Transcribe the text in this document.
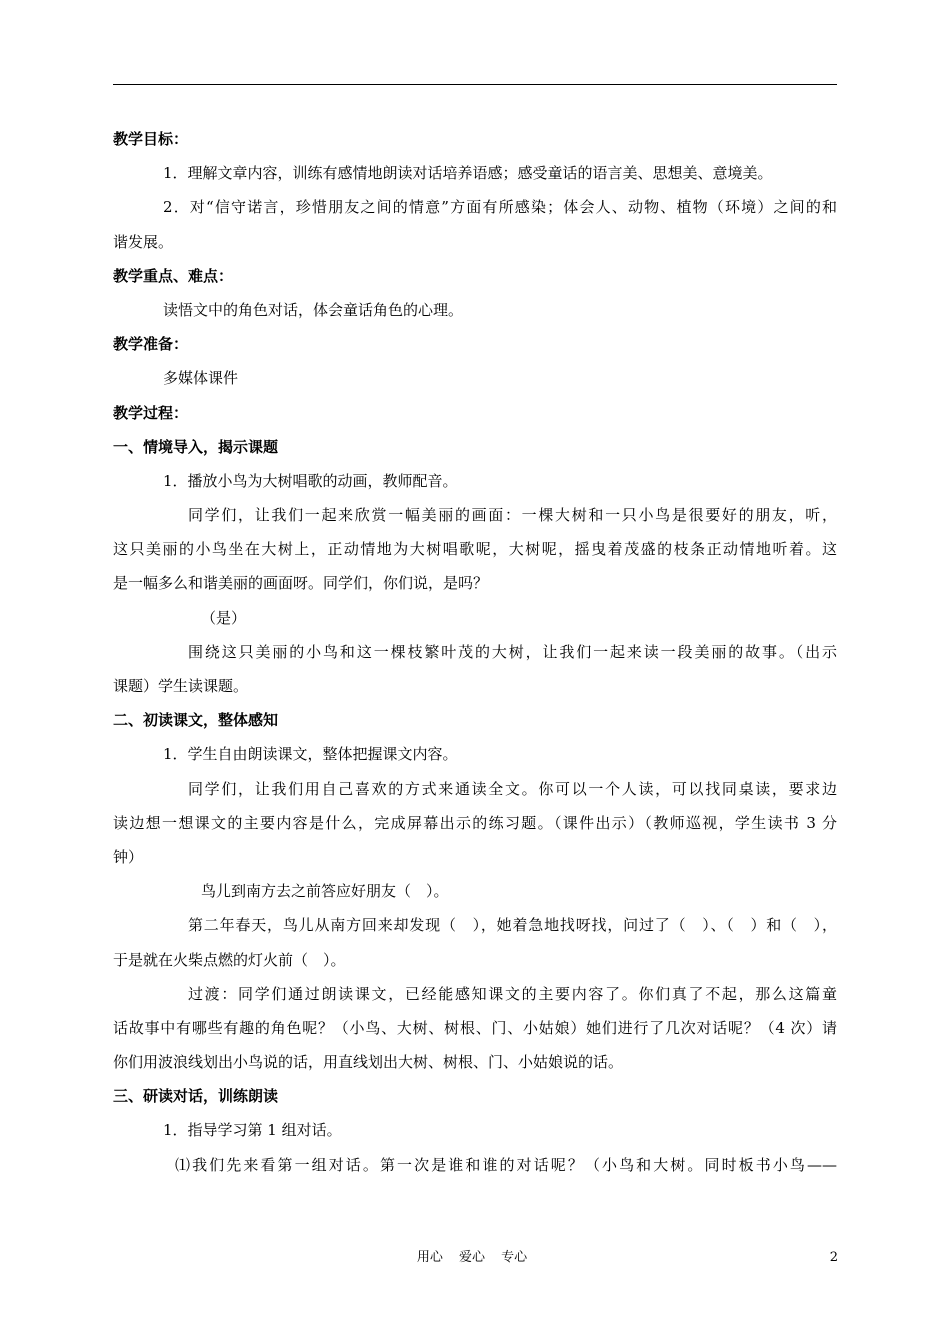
教学目标：
1．理解文章内容，训练有感情地朗读对话培养语感；感受童话的语言美、思想美、意境美。
2．对“信守诺言，珍惜朋友之间的情意”方面有所感染；体会人、动物、植物（环境）之间的和
谐发展。
教学重点、难点：
读悟文中的角色对话，体会童话角色的心理。
教学准备：
多媒体课件
教学过程：
一、情境导入，揭示课题
1．播放小鸟为大树唱歌的动画，教师配音。
同学们，让我们一起来欣赏一幅美丽的画面：一棵大树和一只小鸟是很要好的朋友，听，
这只美丽的小鸟坐在大树上，正动情地为大树唱歌呢，大树呢，摇曳着茂盛的枝条正动情地听着。这
是一幅多么和谐美丽的画面呀。同学们，你们说，是吗？
（是）
围绕这只美丽的小鸟和这一棵枝繁叶茂的大树，让我们一起来读一段美丽的故事。（出示
课题）学生读课题。
二、初读课文，整体感知
1．学生自由朗读课文，整体把握课文内容。
同学们，让我们用自己喜欢的方式来通读全文。你可以一个人读，可以找同桌读，要求边
读边想一想课文的主要内容是什么，完成屏幕出示的练习题。（课件出示）（教师巡视，学生读书 3 分
钟）
鸟儿到南方去之前答应好朋友（　）。
第二年春天，鸟儿从南方回来却发现（　），她着急地找呀找，问过了（　）、（　）和（　），
于是就在火柴点燃的灯火前（　）。
过渡：同学们通过朗读课文，已经能感知课文的主要内容了。你们真了不起，那么这篇童
话故事中有哪些有趣的角色呢？（小鸟、大树、树根、门、小姑娘）她们进行了几次对话呢？（4 次）请
你们用波浪线划出小鸟说的话，用直线划出大树、树根、门、小姑娘说的话。
三、研读对话，训练朗读
1．指导学习第 1 组对话。
⑴我们先来看第一组对话。第一次是谁和谁的对话呢？（小鸟和大树。同时板书小鸟——
用心 爱心 专心	2
